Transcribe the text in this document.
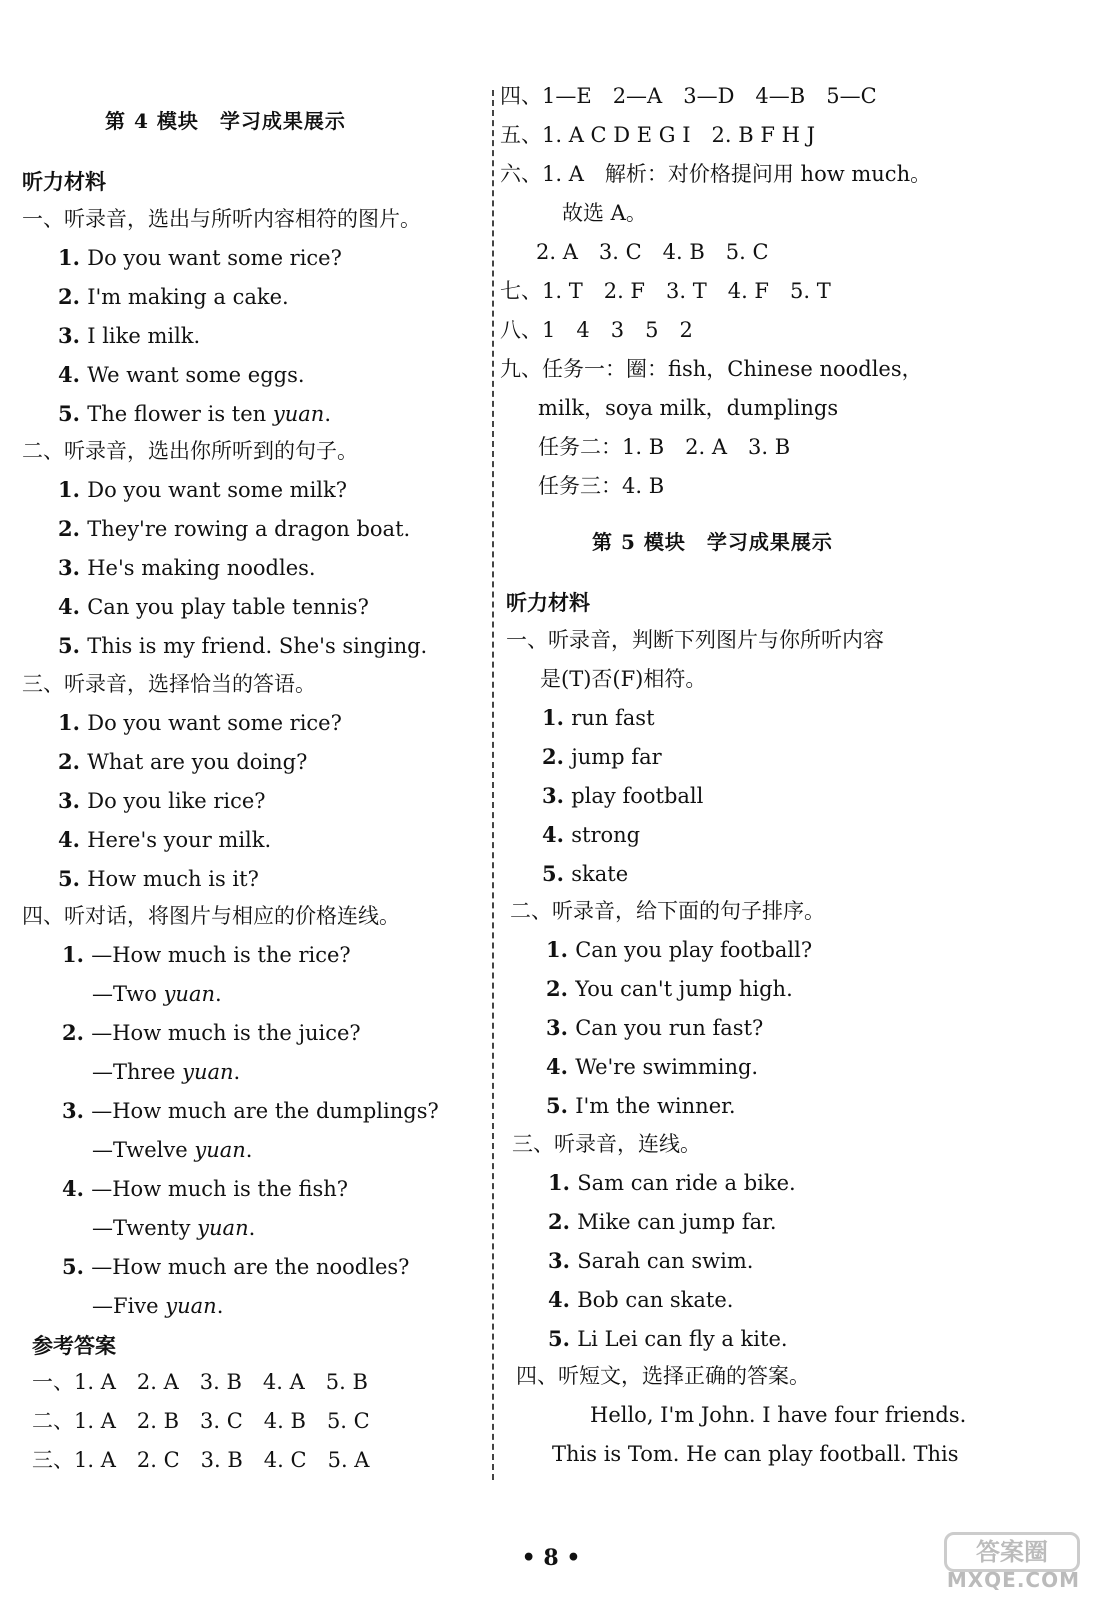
第 4 模块　学习成果展示
听力材料
一、听录音，选出与所听内容相符的图片。
1. Do you want some rice?
2. I'm making a cake.
3. I like milk.
4. We want some eggs.
5. The flower is ten yuan.
二、听录音，选出你所听到的句子。
1. Do you want some milk?
2. They're rowing a dragon boat.
3. He's making noodles.
4. Can you play table tennis?
5. This is my friend. She's singing.
三、听录音，选择恰当的答语。
1. Do you want some rice?
2. What are you doing?
3. Do you like rice?
4. Here's your milk.
5. How much is it?
四、听对话，将图片与相应的价格连线。
1. —How much is the rice?
—Two yuan.
2. —How much is the juice?
—Three yuan.
3. —How much are the dumplings?
—Twelve yuan.
4. —How much is the fish?
—Twenty yuan.
5. —How much are the noodles?
—Five yuan.
参考答案
一、1. A　2. A　3. B　4. A　5. B
二、1. A　2. B　3. C　4. B　5. C
三、1. A　2. C　3. B　4. C　5. A
四、1—E　2—A　3—D　4—B　5—C
五、1. A C D E G I　2. B F H J
六、1. A　解析：对价格提问用 how much。
故选 A。
2. A　3. C　4. B　5. C
七、1. T　2. F　3. T　4. F　5. T
八、1　4　3　5　2
九、任务一：圈：fish，Chinese noodles，
milk，soya milk，dumplings
任务二：1. B　2. A　3. B
任务三：4. B
第 5 模块　学习成果展示
听力材料
一、听录音，判断下列图片与你所听内容
是(T)否(F)相符。
1. run fast
2. jump far
3. play football
4. strong
5. skate
二、听录音，给下面的句子排序。
1. Can you play football?
2. You can't jump high.
3. Can you run fast?
4. We're swimming.
5. I'm the winner.
三、听录音，连线。
1. Sam can ride a bike.
2. Mike can jump far.
3. Sarah can swim.
4. Bob can skate.
5. Li Lei can fly a kite.
四、听短文，选择正确的答案。
Hello, I'm John. I have four friends.
This is Tom. He can play football. This
• 8 •	答案圈
MXQE.COM
